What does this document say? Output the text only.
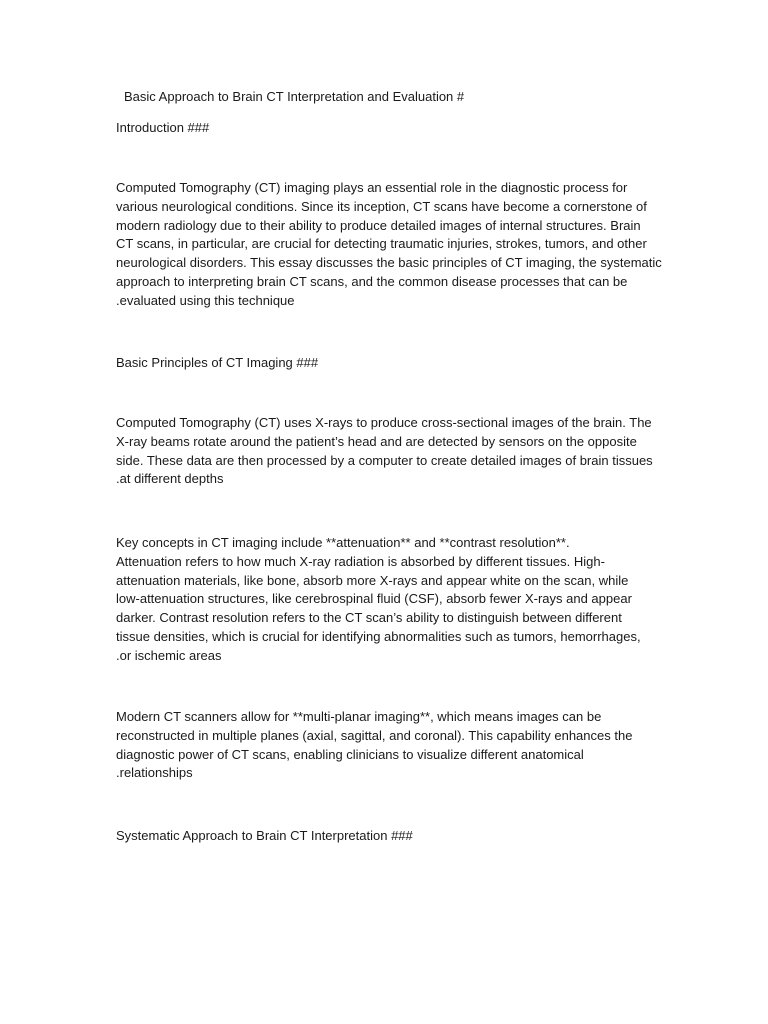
Basic Approach to Brain CT Interpretation and Evaluation #

Introduction ###

Computed Tomography (CT) imaging plays an essential role in the diagnostic process for
various neurological conditions. Since its inception, CT scans have become a cornerstone of
modern radiology due to their ability to produce detailed images of internal structures. Brain
CT scans, in particular, are crucial for detecting traumatic injuries, strokes, tumors, and other
neurological disorders. This essay discusses the basic principles of CT imaging, the systematic
approach to interpreting brain CT scans, and the common disease processes that can be
.evaluated using this technique

Basic Principles of CT Imaging ###

Computed Tomography (CT) uses X-rays to produce cross-sectional images of the brain. The
X-ray beams rotate around the patient’s head and are detected by sensors on the opposite
side. These data are then processed by a computer to create detailed images of brain tissues
.at different depths
Key concepts in CT imaging include **attenuation** and **contrast resolution**.
Attenuation refers to how much X-ray radiation is absorbed by different tissues. High-
attenuation materials, like bone, absorb more X-rays and appear white on the scan, while
low-attenuation structures, like cerebrospinal fluid (CSF), absorb fewer X-rays and appear
darker. Contrast resolution refers to the CT scan’s ability to distinguish between different
tissue densities, which is crucial for identifying abnormalities such as tumors, hemorrhages,
.or ischemic areas
Modern CT scanners allow for **multi-planar imaging**, which means images can be
reconstructed in multiple planes (axial, sagittal, and coronal). This capability enhances the
diagnostic power of CT scans, enabling clinicians to visualize different anatomical
.relationships

Systematic Approach to Brain CT Interpretation ###
